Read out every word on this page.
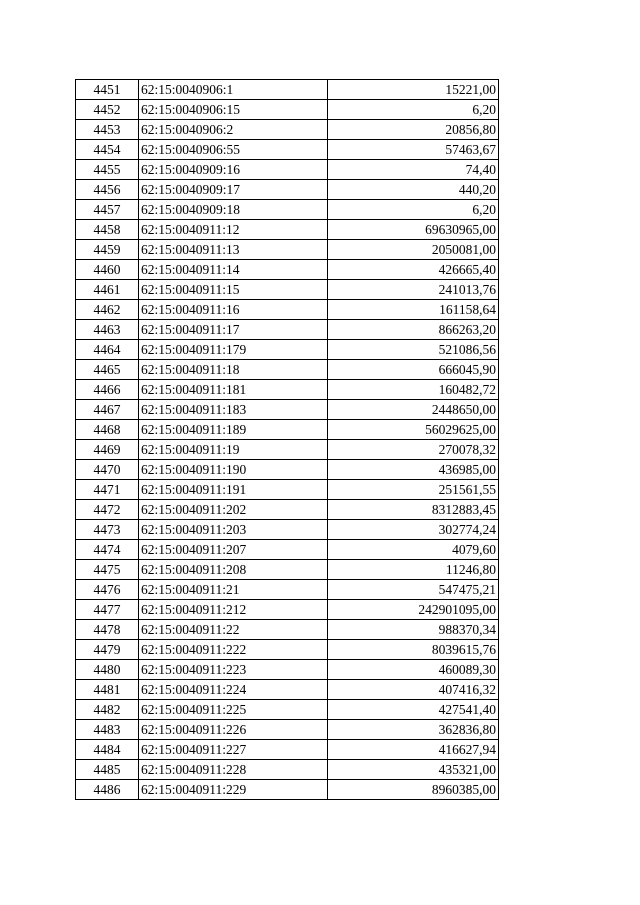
4451	62:15:0040906:1	15221,00
4452	62:15:0040906:15	6,20
4453	62:15:0040906:2	20856,80
4454	62:15:0040906:55	57463,67
4455	62:15:0040909:16	74,40
4456	62:15:0040909:17	440,20
4457	62:15:0040909:18	6,20
4458	62:15:0040911:12	69630965,00
4459	62:15:0040911:13	2050081,00
4460	62:15:0040911:14	426665,40
4461	62:15:0040911:15	241013,76
4462	62:15:0040911:16	161158,64
4463	62:15:0040911:17	866263,20
4464	62:15:0040911:179	521086,56
4465	62:15:0040911:18	666045,90
4466	62:15:0040911:181	160482,72
4467	62:15:0040911:183	2448650,00
4468	62:15:0040911:189	56029625,00
4469	62:15:0040911:19	270078,32
4470	62:15:0040911:190	436985,00
4471	62:15:0040911:191	251561,55
4472	62:15:0040911:202	8312883,45
4473	62:15:0040911:203	302774,24
4474	62:15:0040911:207	4079,60
4475	62:15:0040911:208	11246,80
4476	62:15:0040911:21	547475,21
4477	62:15:0040911:212	242901095,00
4478	62:15:0040911:22	988370,34
4479	62:15:0040911:222	8039615,76
4480	62:15:0040911:223	460089,30
4481	62:15:0040911:224	407416,32
4482	62:15:0040911:225	427541,40
4483	62:15:0040911:226	362836,80
4484	62:15:0040911:227	416627,94
4485	62:15:0040911:228	435321,00
4486	62:15:0040911:229	8960385,00
